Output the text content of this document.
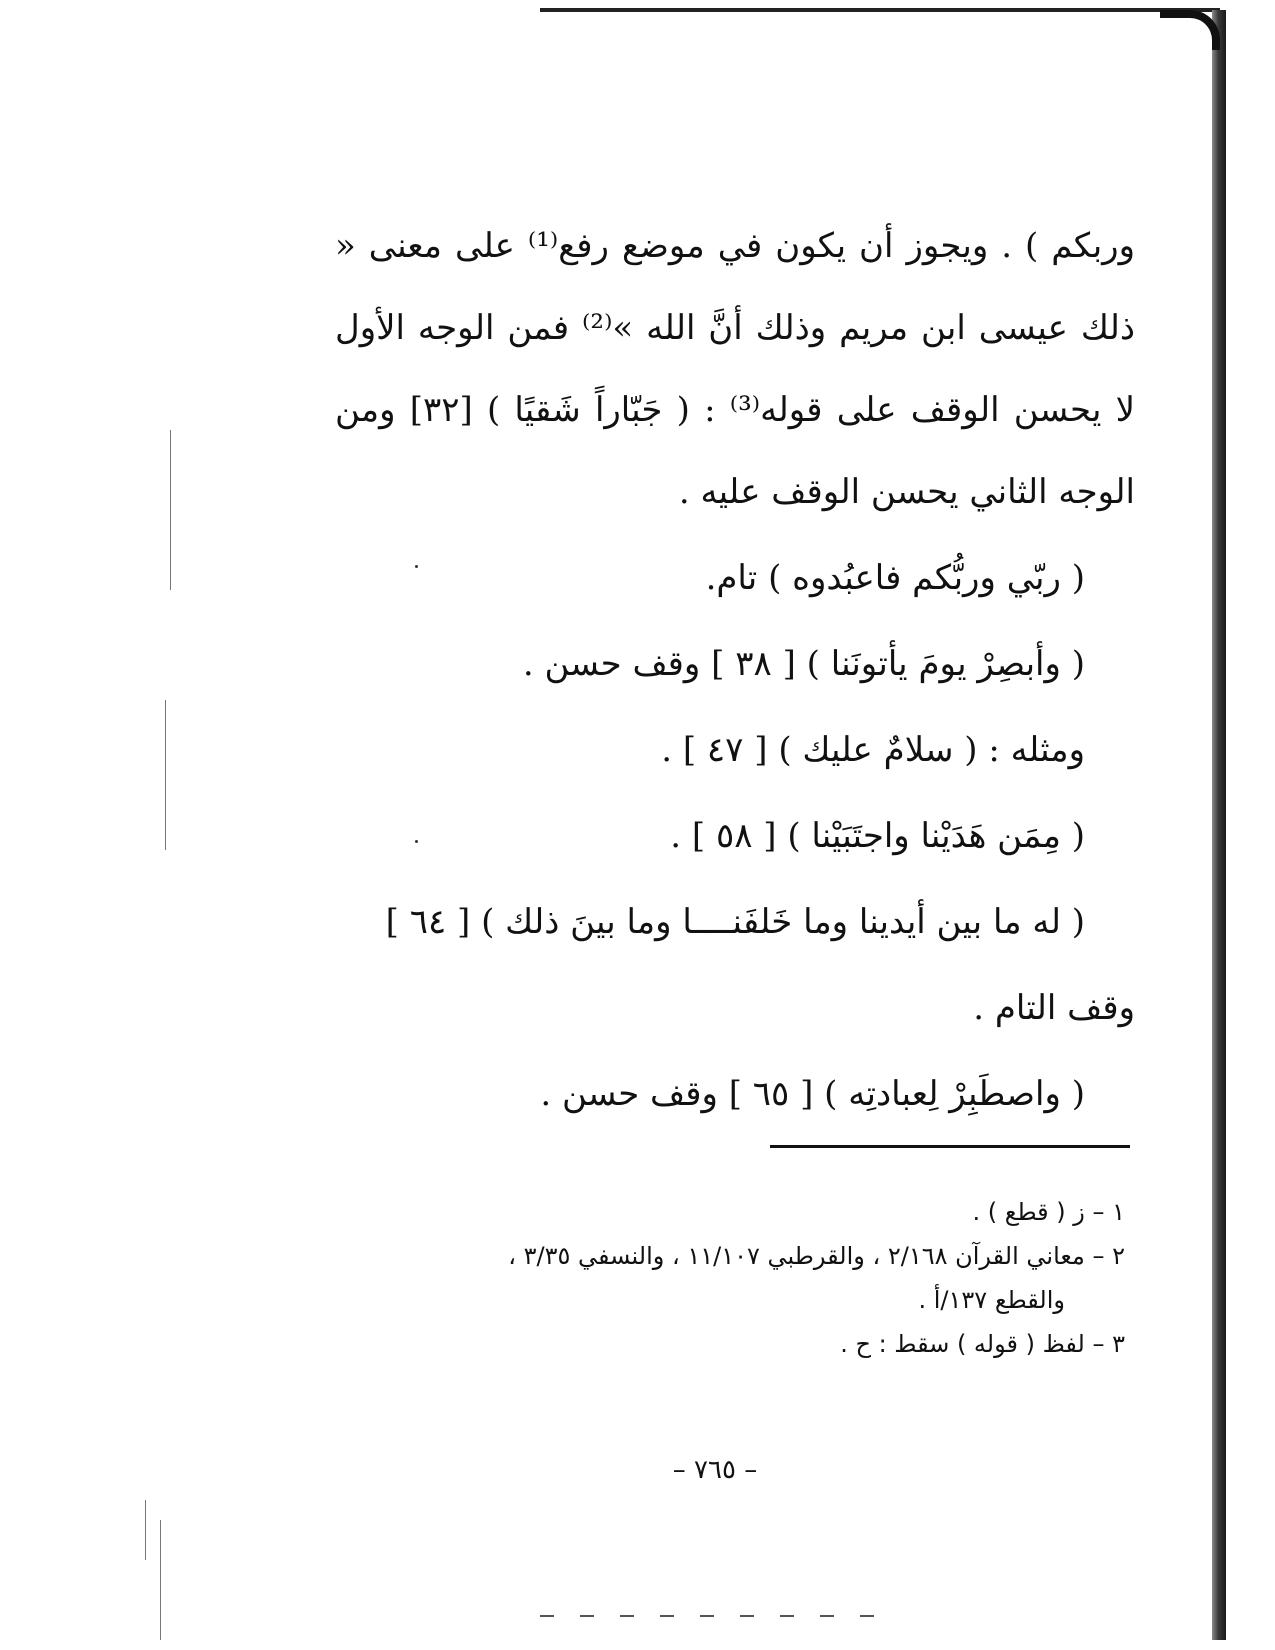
وربكم ) . ويجوز أن يكون في موضع رفع⁽¹⁾ على معنى « ذلك عيسى ابن مريم وذلك أنَّ الله »⁽²⁾ فمن الوجه الأول لا يحسن الوقف على قوله⁽³⁾ : ( جَبّاراً شَقيًا ) [٣٢] ومن الوجه الثاني يحسن الوقف عليه .

( ربّي وربُّكم فاعبُدوه ) تام.
( وأبصِرْ يومَ يأتونَنا ) [ ٣٨ ] وقف حسن .
ومثله : ( سلامٌ عليك ) [ ٤٧ ] .
( مِمَن هَدَيْنا واجتَبَيْنا ) [ ٥٨ ] .
( له ما بين أيدينا وما خَلفَنــــا وما بينَ ذلك ) [ ٦٤ ]
وقف التام .
( واصطَبِرْ لِعبادتِه ) [ ٦٥ ] وقف حسن .
١ – ز ( قطع ) .
٢ – معاني القرآن ٢/١٦٨ ، والقرطبي ١١/١٠٧ ، والنسفي ٣/٣٥ ،
والقطع ١٣٧/أ .
٣ – لفظ ( قوله ) سقط : ح .
– ٧٦٥ –
